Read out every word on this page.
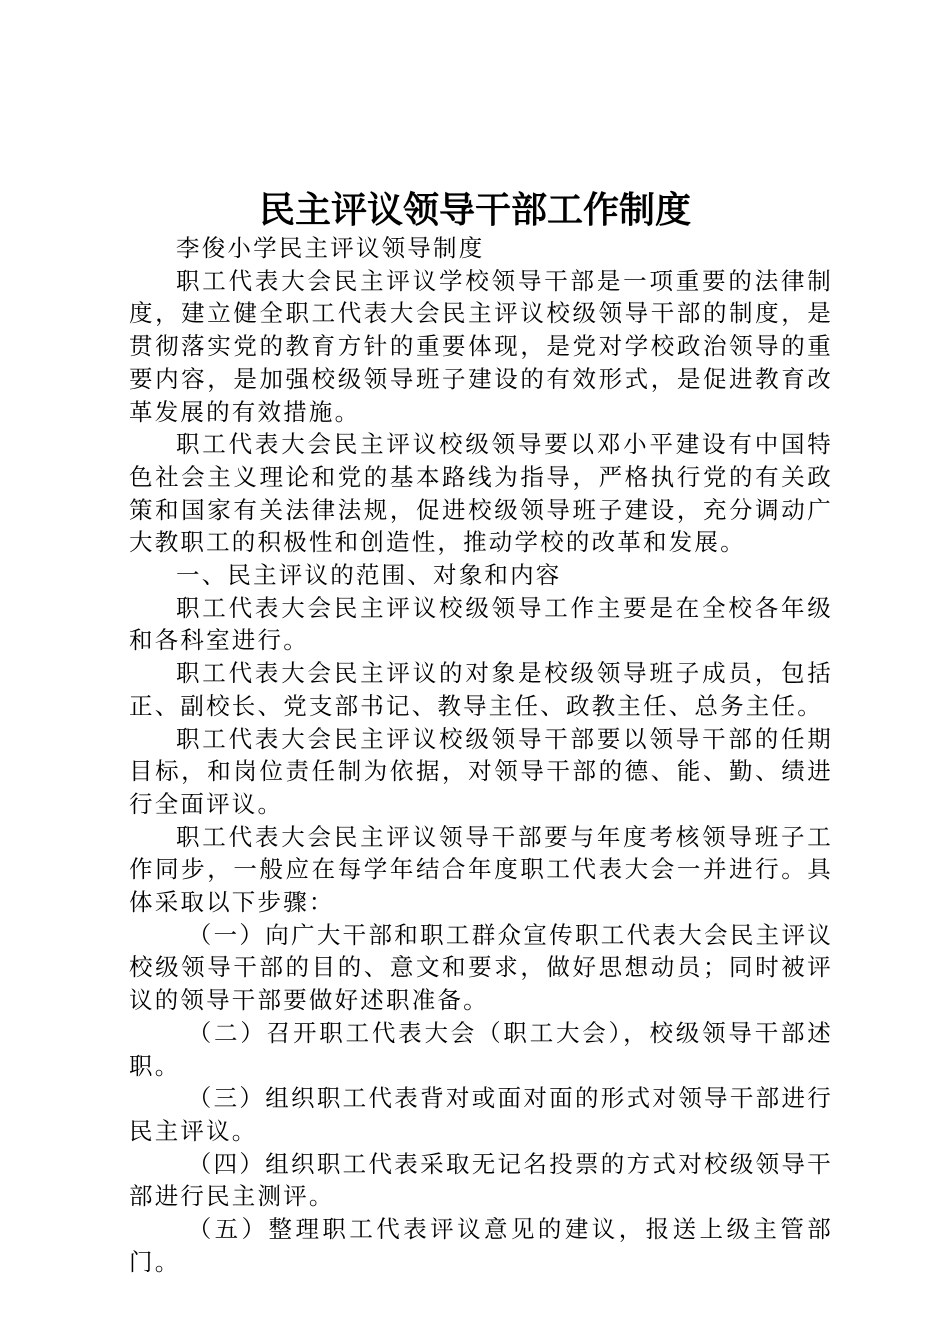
民主评议领导干部工作制度

李俊小学民主评议领导制度

职工代表大会民主评议学校领导干部是一项重要的法律制度，建立健全职工代表大会民主评议校级领导干部的制度，是贯彻落实党的教育方针的重要体现，是党对学校政治领导的重要内容，是加强校级领导班子建设的有效形式，是促进教育改革发展的有效措施。

职工代表大会民主评议校级领导要以邓小平建设有中国特色社会主义理论和党的基本路线为指导，严格执行党的有关政策和国家有关法律法规，促进校级领导班子建设，充分调动广大教职工的积极性和创造性，推动学校的改革和发展。

一、民主评议的范围、对象和内容

职工代表大会民主评议校级领导工作主要是在全校各年级和各科室进行。

职工代表大会民主评议的对象是校级领导班子成员，包括正、副校长、党支部书记、教导主任、政教主任、总务主任。

职工代表大会民主评议校级领导干部要以领导干部的任期目标，和岗位责任制为依据，对领导干部的德、能、勤、绩进行全面评议。

职工代表大会民主评议领导干部要与年度考核领导班子工作同步，一般应在每学年结合年度职工代表大会一并进行。具体采取以下步骤：

（一）向广大干部和职工群众宣传职工代表大会民主评议校级领导干部的目的、意文和要求，做好思想动员；同时被评议的领导干部要做好述职准备。

（二）召开职工代表大会（职工大会），校级领导干部述职。

（三）组织职工代表背对或面对面的形式对领导干部进行民主评议。

（四）组织职工代表采取无记名投票的方式对校级领导干部进行民主测评。

（五）整理职工代表评议意见的建议，报送上级主管部门。
